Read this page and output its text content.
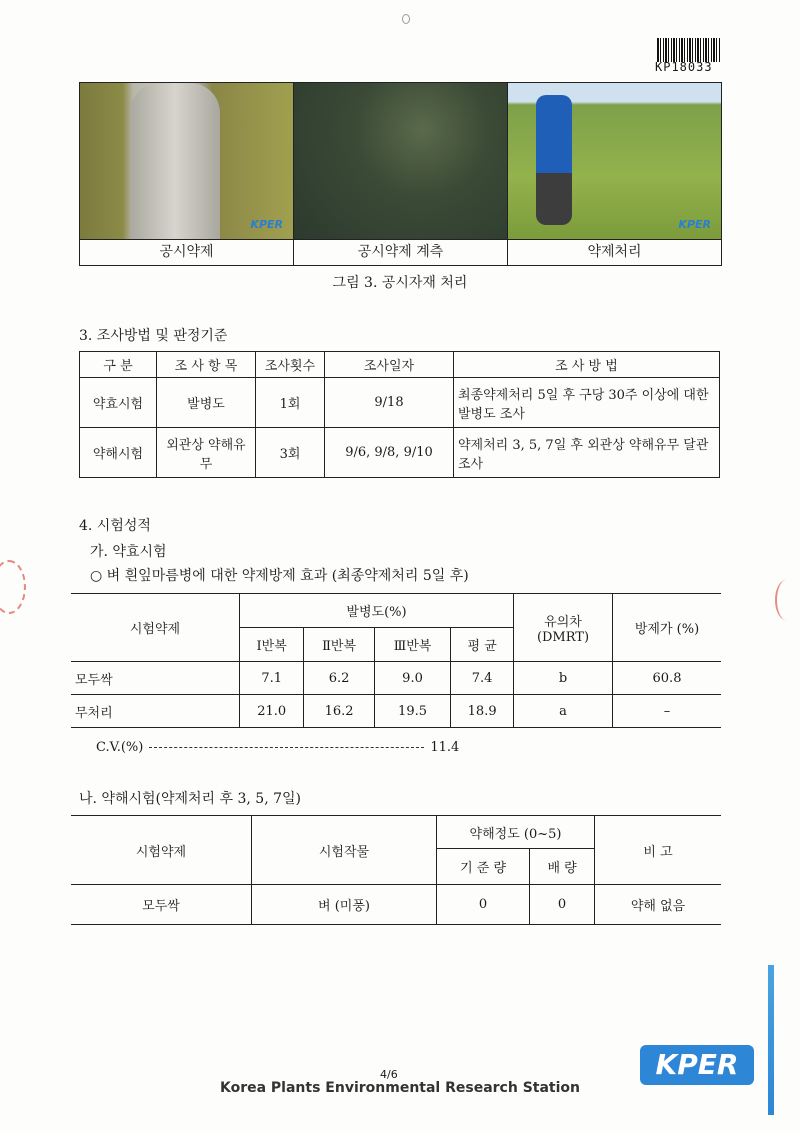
KP18033
KPER	KPER
공시약제	공시약제 계측	약제처리
그림 3. 공시자재 처리
3. 조사방법 및 판정기준
구 분	조 사 항 목	조사횟수	조사일자	조 사 방 법
약효시험	발병도	1회	9/18	최종약제처리 5일 후 구당 30주 이상에 대한 발병도 조사
약해시험	외관상 약해유무	3회	9/6, 9/8, 9/10	약제처리 3, 5, 7일 후 외관상 약해유무 달관조사
4. 시험성적
가. 약효시험
○ 벼 흰잎마름병에 대한 약제방제 효과 (최종약제처리 5일 후)
시험약제	발병도(%)				유의차 (DMRT)	방제가 (%)
	Ⅰ반복	Ⅱ반복	Ⅲ반복	평 균		
모두싹	7.1	6.2	9.0	7.4	b	60.8
무처리	21.0	16.2	19.5	18.9	a	–
C.V.(%)	11.4
나. 약해시험(약제처리 후 3, 5, 7일)
시험약제	시험작물	약해정도 (0~5)		비 고
		기 준 량	배 량	
모두싹	벼 (미풍)	0	0	약해 없음
KPER
4/6
Korea Plants Environmental Research Station
